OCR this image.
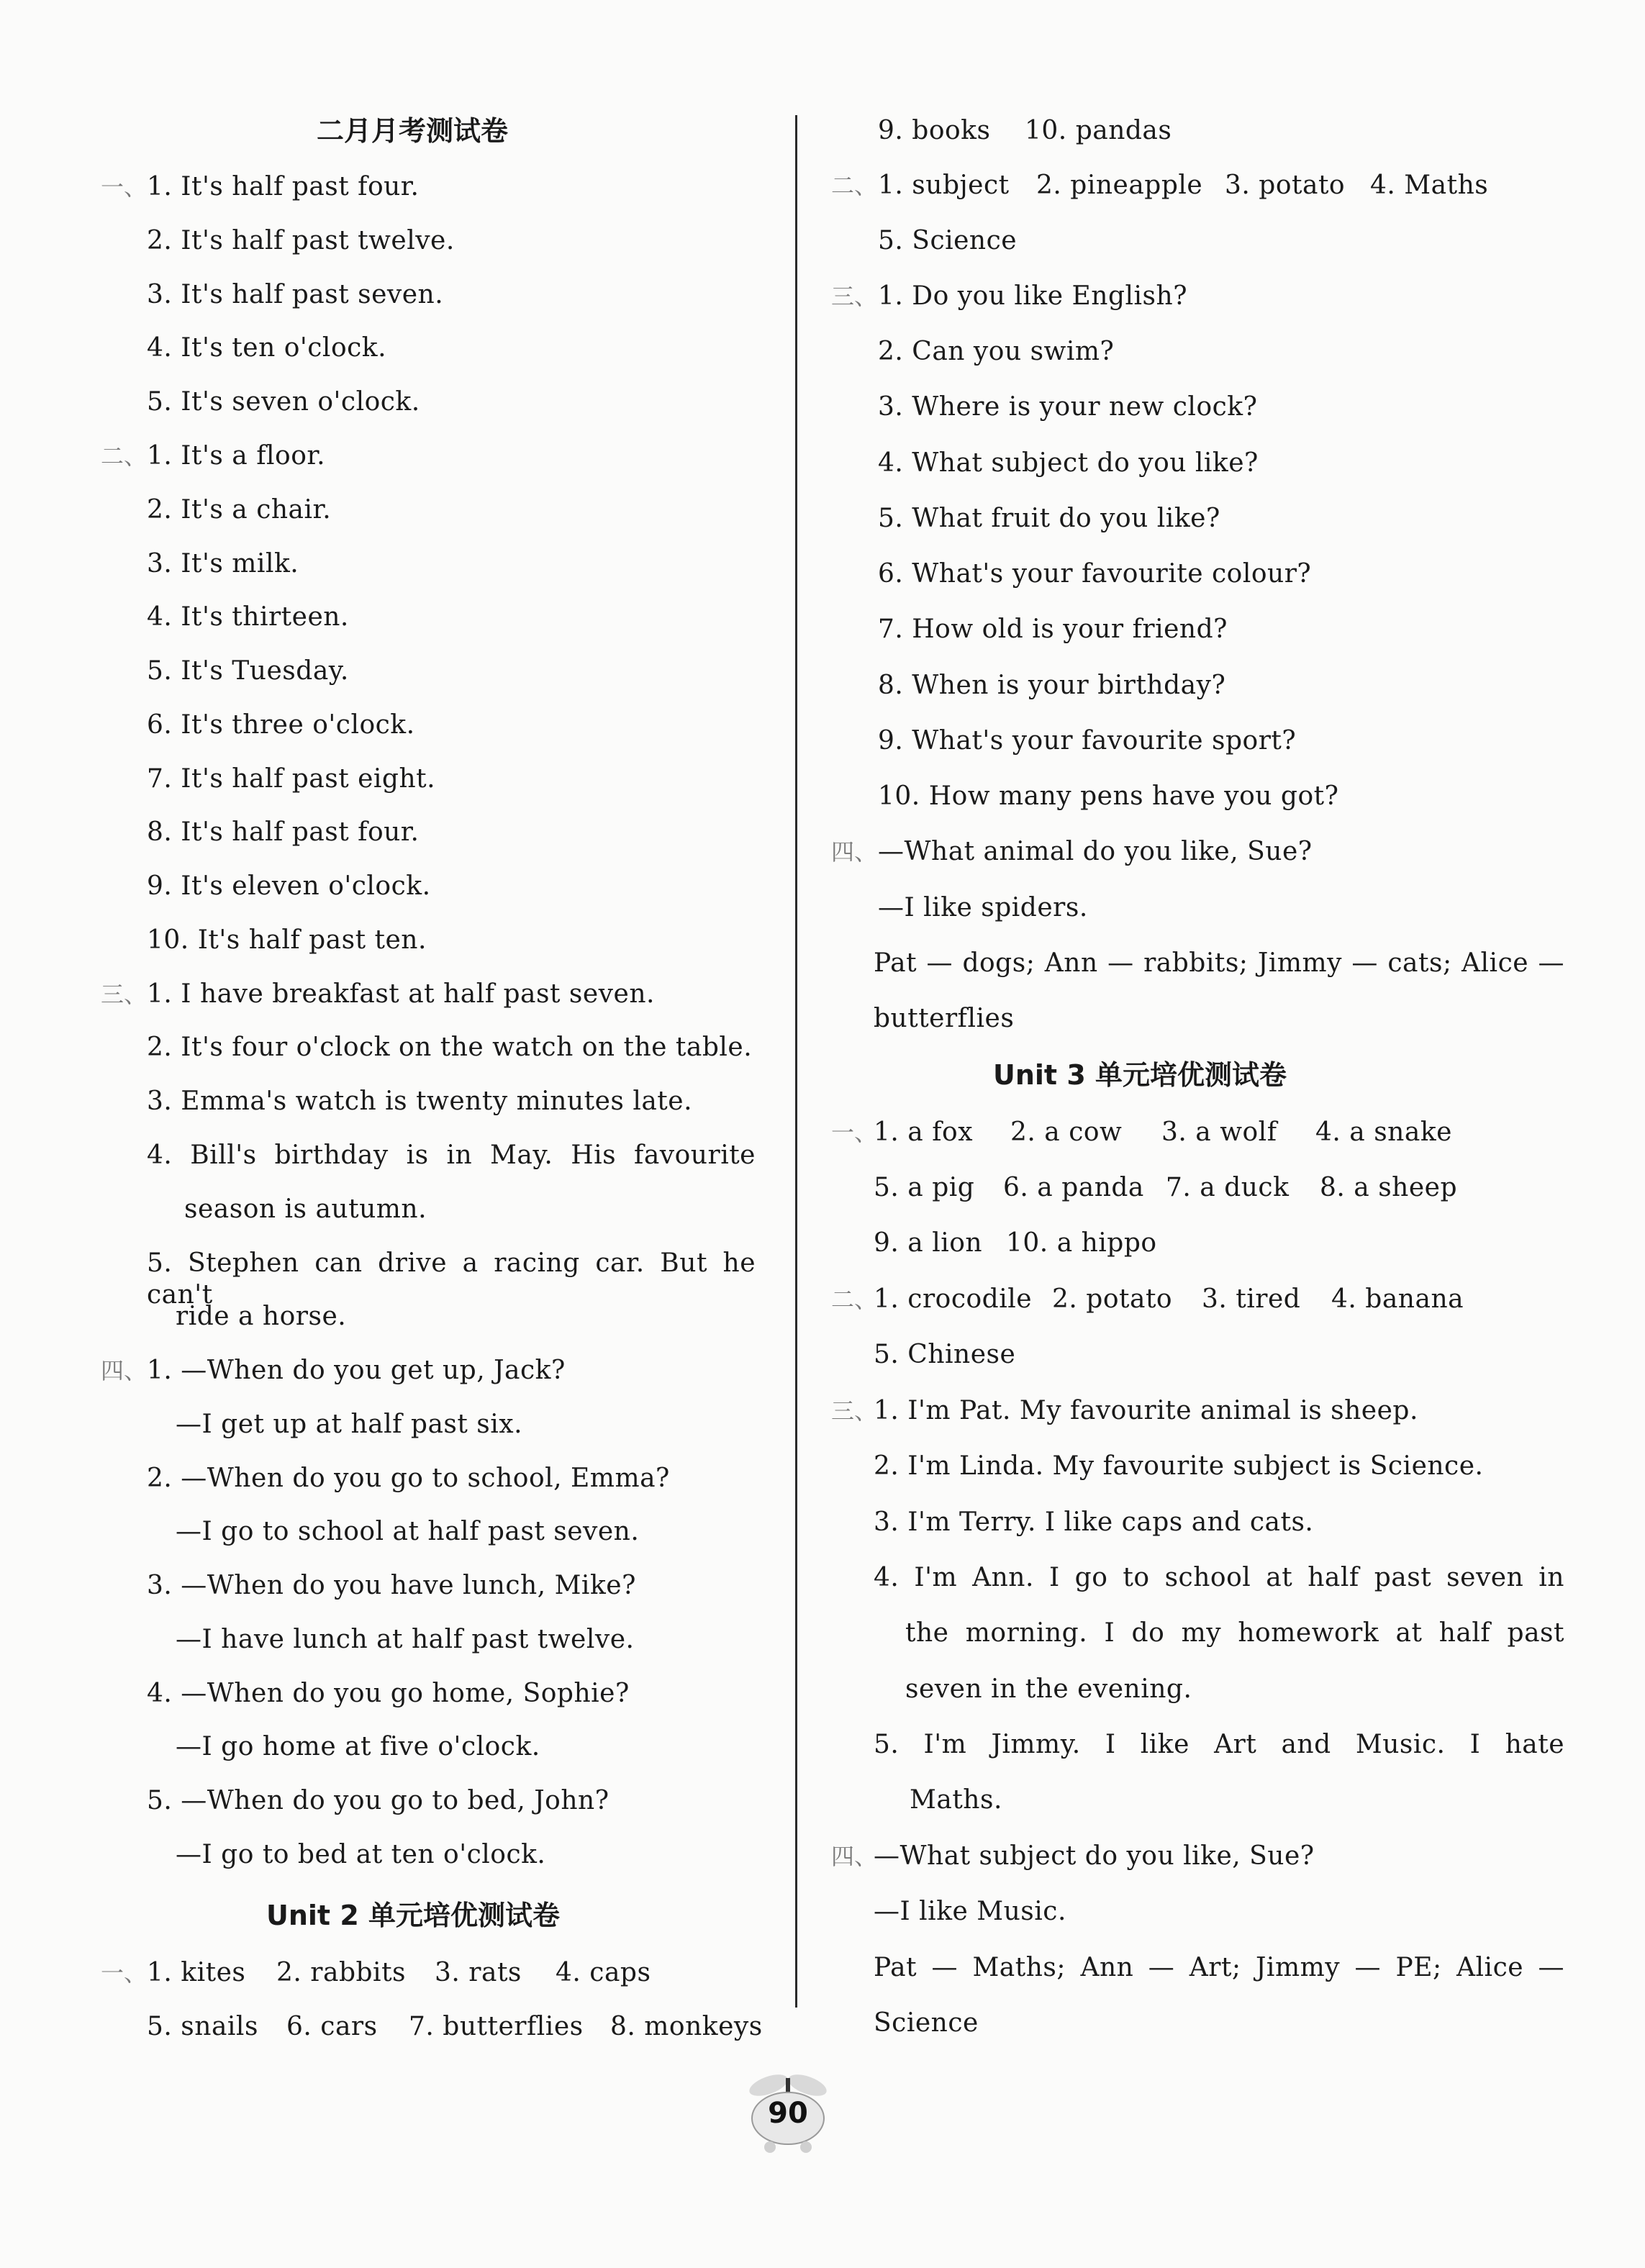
二月月考测试卷
一、 1. It's half past four.
2. It's half past twelve.
3. It's half past seven.
4. It's ten o'clock.
5. It's seven o'clock.
二、 1. It's a floor.
2. It's a chair.
3. It's milk.
4. It's thirteen.
5. It's Tuesday.
6. It's three o'clock.
7. It's half past eight.
8. It's half past four.
9. It's eleven o'clock.
10. It's half past ten.
三、 1. I have breakfast at half past seven.
2. It's four o'clock on the watch on the table.
3. Emma's watch is twenty minutes late.
4. Bill's birthday is in May. His favourite
season is autumn.
5. Stephen can drive a racing car. But he can't
ride a horse.
四、 1. —When do you get up, Jack?
—I get up at half past six.
2. —When do you go to school, Emma?
—I go to school at half past seven.
3. —When do you have lunch, Mike?
—I have lunch at half past twelve.
4. —When do you go home, Sophie?
—I go home at five o'clock.
5. —When do you go to bed, John?
—I go to bed at ten o'clock.
Unit 2 单元培优测试卷
一、 1. kites 2. rabbits 3. rats 4. caps
5. snails 6. cars 7. butterflies 8. monkeys
9. books 10. pandas
二、 1. subject 2. pineapple 3. potato 4. Maths
5. Science
三、 1. Do you like English?
2. Can you swim?
3. Where is your new clock?
4. What subject do you like?
5. What fruit do you like?
6. What's your favourite colour?
7. How old is your friend?
8. When is your birthday?
9. What's your favourite sport?
10. How many pens have you got?
四、 —What animal do you like, Sue?
—I like spiders.
Pat — dogs; Ann — rabbits; Jimmy — cats; Alice —
butterflies
Unit 3 单元培优测试卷
一、
1. a fox 2. a cow 3. a wolf 4. a snake
5. a pig 6. a panda 7. a duck 8. a sheep
9. a lion 10. a hippo
二、
1. crocodile 2. potato 3. tired 4. banana
5. Chinese
三、
1. I'm Pat. My favourite animal is sheep.
2. I'm Linda. My favourite subject is Science.
3. I'm Terry. I like caps and cats.
4. I'm Ann. I go to school at half past seven in
the morning. I do my homework at half past
seven in the evening.
5. I'm Jimmy. I like Art and Music. I hate
Maths.
四、
—What subject do you like, Sue?
—I like Music.
Pat — Maths; Ann — Art; Jimmy — PE; Alice —
Science
90
